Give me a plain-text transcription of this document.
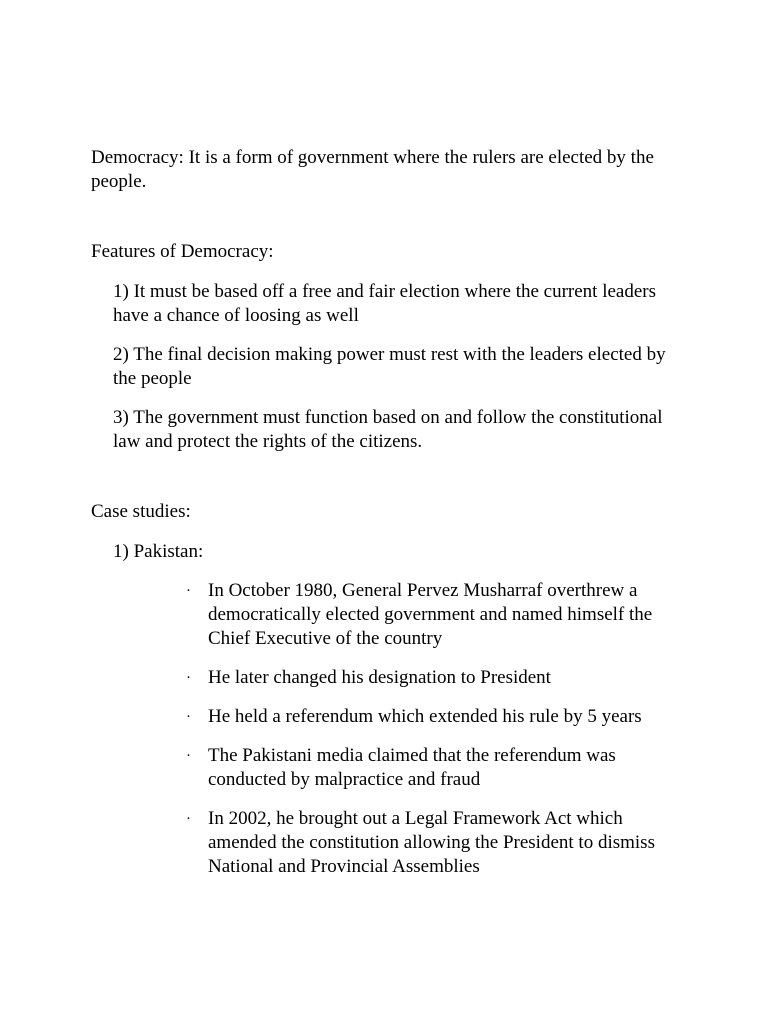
Democracy: It is a form of government where the rulers are elected by the people.

Features of Democracy:

1) It must be based off a free and fair election where the current leaders have a chance of loosing as well
2) The final decision making power must rest with the leaders elected by the people
3) The government must function based on and follow the constitutional law and protect the rights of the citizens.

Case studies:

1) Pakistan:

· In October 1980, General Pervez Musharraf overthrew a democratically elected government and named himself the Chief Executive of the country
· He later changed his designation to President
· He held a referendum which extended his rule by 5 years
· The Pakistani media claimed that the referendum was conducted by malpractice and fraud
· In 2002, he brought out a Legal Framework Act which amended the constitution allowing the President to dismiss National and Provincial Assemblies
